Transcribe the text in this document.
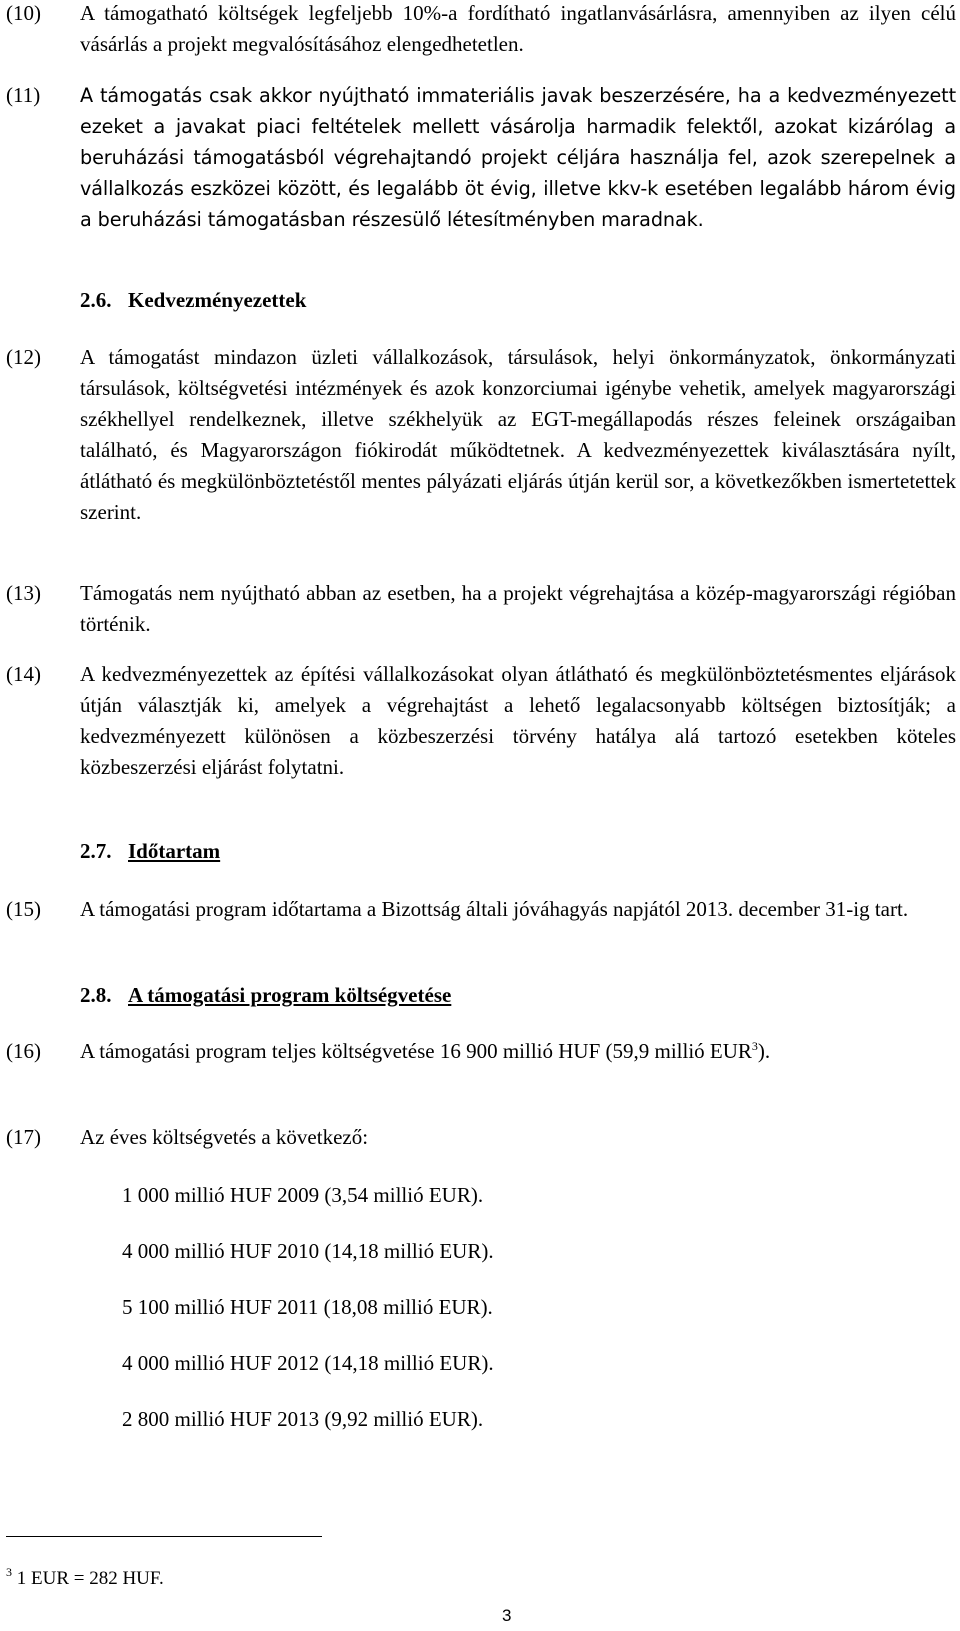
(10) A támogatható költségek legfeljebb 10%-a fordítható ingatlanvásárlásra, amennyiben az ilyen célú vásárlás a projekt megvalósításához elengedhetetlen.
(11) A támogatás csak akkor nyújtható immateriális javak beszerzésére, ha a kedvezményezett ezeket a javakat piaci feltételek mellett vásárolja harmadik felektől, azokat kizárólag a beruházási támogatásból végrehajtandó projekt céljára használja fel, azok szerepelnek a vállalkozás eszközei között, és legalább öt évig, illetve kkv-k esetében legalább három évig a beruházási támogatásban részesülő létesítményben maradnak.
2.6. Kedvezményezettek
(12) A támogatást mindazon üzleti vállalkozások, társulások, helyi önkormányzatok, önkormányzati társulások, költségvetési intézmények és azok konzorciumai igénybe vehetik, amelyek magyarországi székhellyel rendelkeznek, illetve székhelyük az EGT-megállapodás részes feleinek országaiban található, és Magyarországon fiókirodát működtetnek. A kedvezményezettek kiválasztására nyílt, átlátható és megkülönböztetéstől mentes pályázati eljárás útján kerül sor, a következőkben ismertetettek szerint.
(13) Támogatás nem nyújtható abban az esetben, ha a projekt végrehajtása a közép-magyarországi régióban történik.
(14) A kedvezményezettek az építési vállalkozásokat olyan átlátható és megkülönböztetésmentes eljárások útján választják ki, amelyek a végrehajtást a lehető legalacsonyabb költségen biztosítják; a kedvezményezett különösen a közbeszerzési törvény hatálya alá tartozó esetekben köteles közbeszerzési eljárást folytatni.
2.7. Időtartam
(15) A támogatási program időtartama a Bizottság általi jóváhagyás napjától 2013. december 31-ig tart.
2.8. A támogatási program költségvetése
(16) A támogatási program teljes költségvetése 16 900 millió HUF (59,9 millió EUR$^3$).
(17) Az éves költségvetés a következő:
1 000 millió HUF 2009 (3,54 millió EUR).
4 000 millió HUF 2010 (14,18 millió EUR).
5 100 millió HUF 2011 (18,08 millió EUR).
4 000 millió HUF 2012 (14,18 millió EUR).
2 800 millió HUF 2013 (9,92 millió EUR).
$^3$ 1 EUR = 282 HUF.
3
